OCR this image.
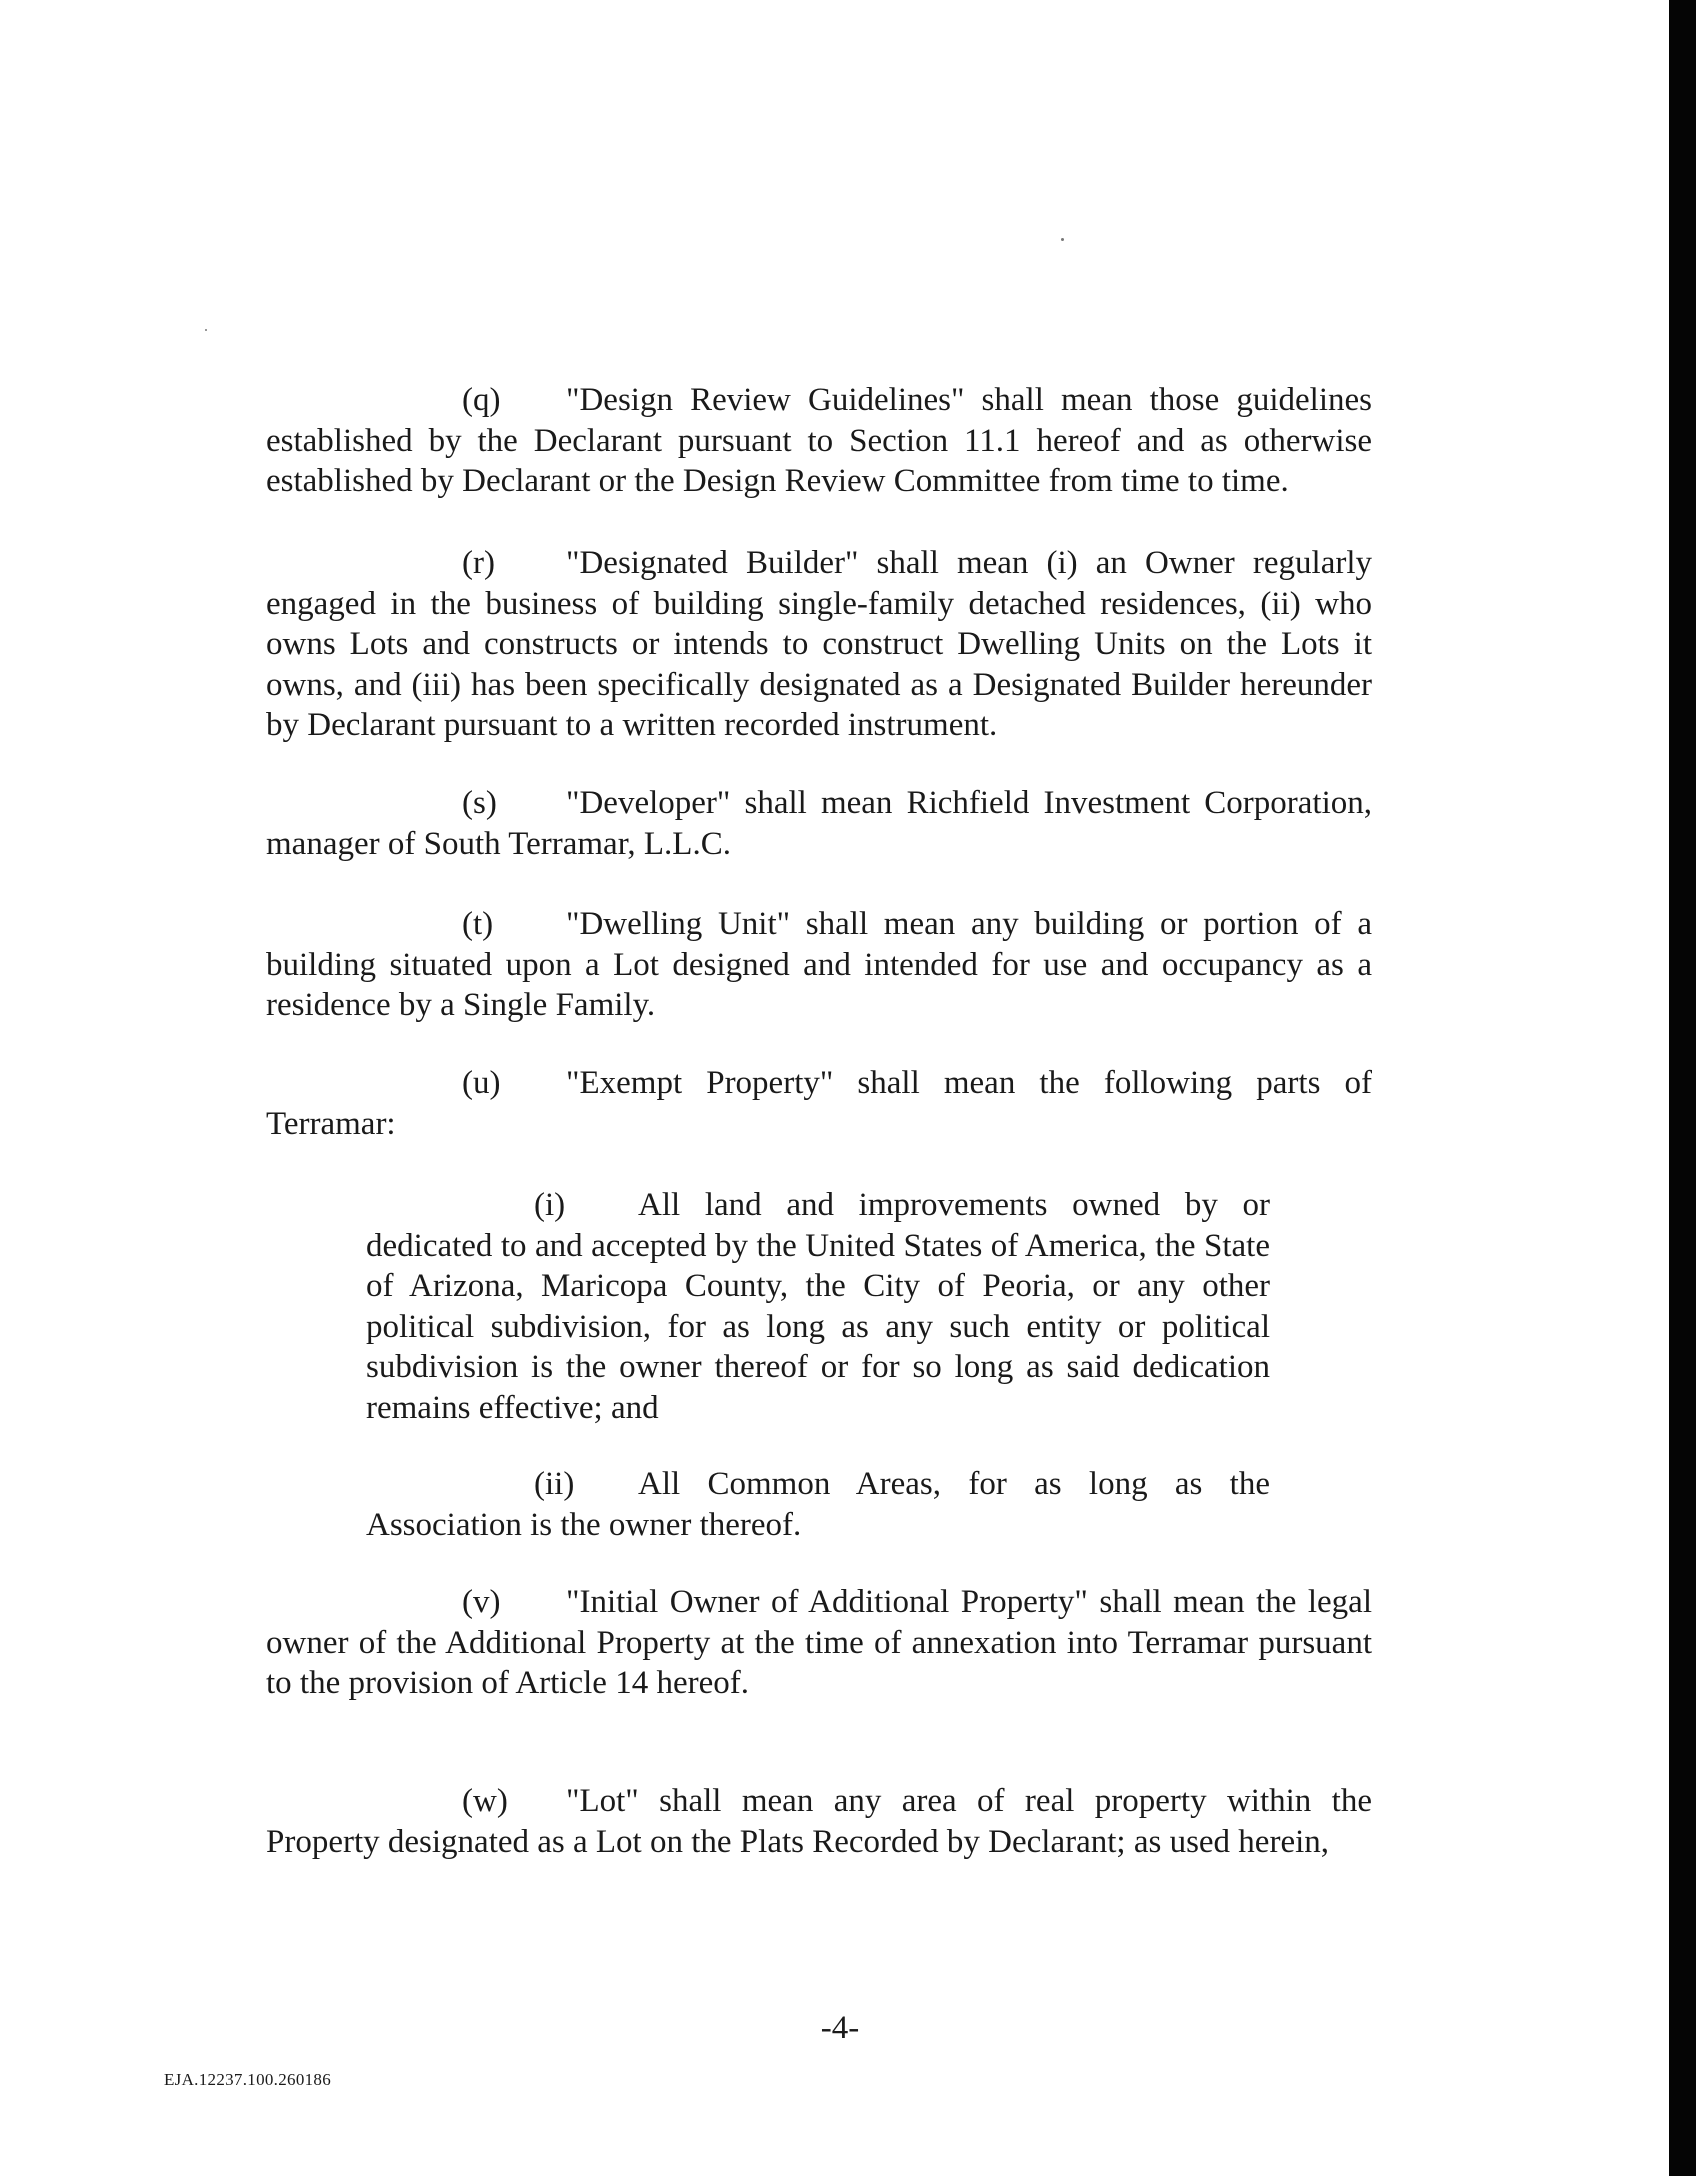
(q) "Design Review Guidelines" shall mean those guidelines
established by the Declarant pursuant to Section 11.1 hereof and as otherwise established by Declarant or the Design Review Committee from time to time.

(r) "Designated Builder" shall mean (i) an Owner regularly
engaged in the business of building single-family detached residences, (ii) who owns Lots and constructs or intends to construct Dwelling Units on the Lots it owns, and (iii) has been specifically designated as a Designated Builder hereunder by Declarant pursuant to a written recorded instrument.

(s) "Developer" shall mean Richfield Investment Corporation,
manager of South Terramar, L.L.C.

(t) "Dwelling Unit" shall mean any building or portion of a
building situated upon a Lot designed and intended for use and occupancy as a residence by a Single Family.

(u) "Exempt Property" shall mean the following parts of
Terramar:

(i) All land and improvements owned by or
dedicated to and accepted by the United States of America, the State of Arizona, Maricopa County, the City of Peoria, or any other political subdivision, for as long as any such entity or political subdivision is the owner thereof or for so long as said dedication remains effective; and

(ii) All Common Areas, for as long as the
Association is the owner thereof.

(v) "Initial Owner of Additional Property" shall mean the legal
owner of the Additional Property at the time of annexation into Terramar pursuant to the provision of Article 14 hereof.

(w) "Lot" shall mean any area of real property within the
Property designated as a Lot on the Plats Recorded by Declarant; as used herein,

-4-
EJA.12237.100.260186
